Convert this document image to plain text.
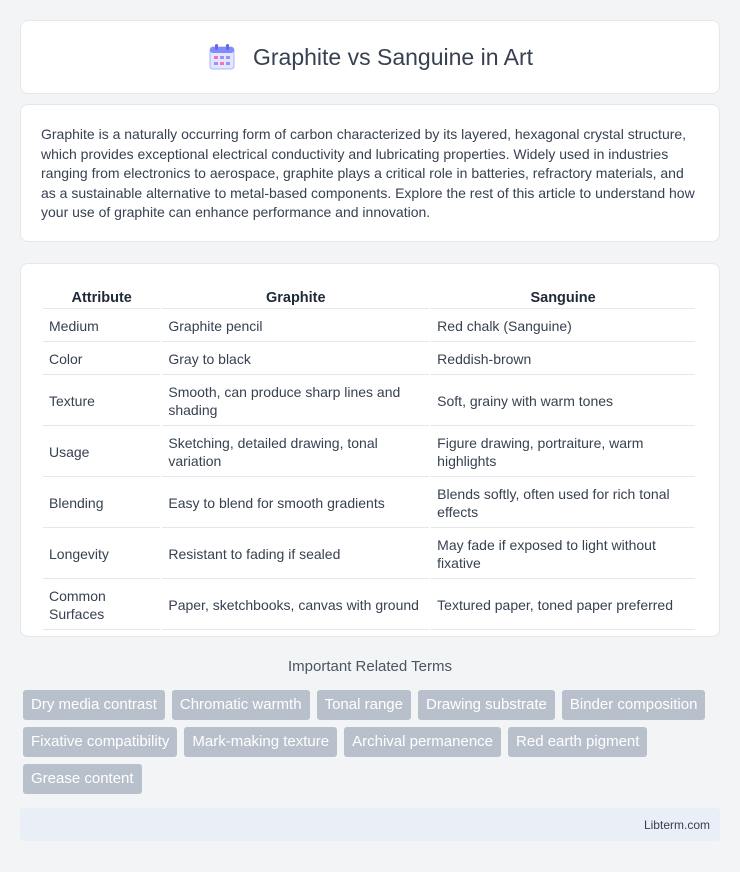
Graphite vs Sanguine in Art

Graphite is a naturally occurring form of carbon characterized by its layered, hexagonal crystal structure, which provides exceptional electrical conductivity and lubricating properties. Widely used in industries ranging from electronics to aerospace, graphite plays a critical role in batteries, refractory materials, and as a sustainable alternative to metal-based components. Explore the rest of this article to understand how your use of graphite can enhance performance and innovation.

Attribute	Graphite	Sanguine
Medium	Graphite pencil	Red chalk (Sanguine)
Color	Gray to black	Reddish-brown
Texture	Smooth, can produce sharp lines and shading	Soft, grainy with warm tones
Usage	Sketching, detailed drawing, tonal variation	Figure drawing, portraiture, warm highlights
Blending	Easy to blend for smooth gradients	Blends softly, often used for rich tonal effects
Longevity	Resistant to fading if sealed	May fade if exposed to light without fixative
Common Surfaces	Paper, sketchbooks, canvas with ground	Textured paper, toned paper preferred
Important Related Terms
Dry media contrast	Chromatic warmth	Tonal range	Drawing substrate	Binder composition
Fixative compatibility	Mark-making texture	Archival permanence	Red earth pigment
Grease content
Libterm.com
